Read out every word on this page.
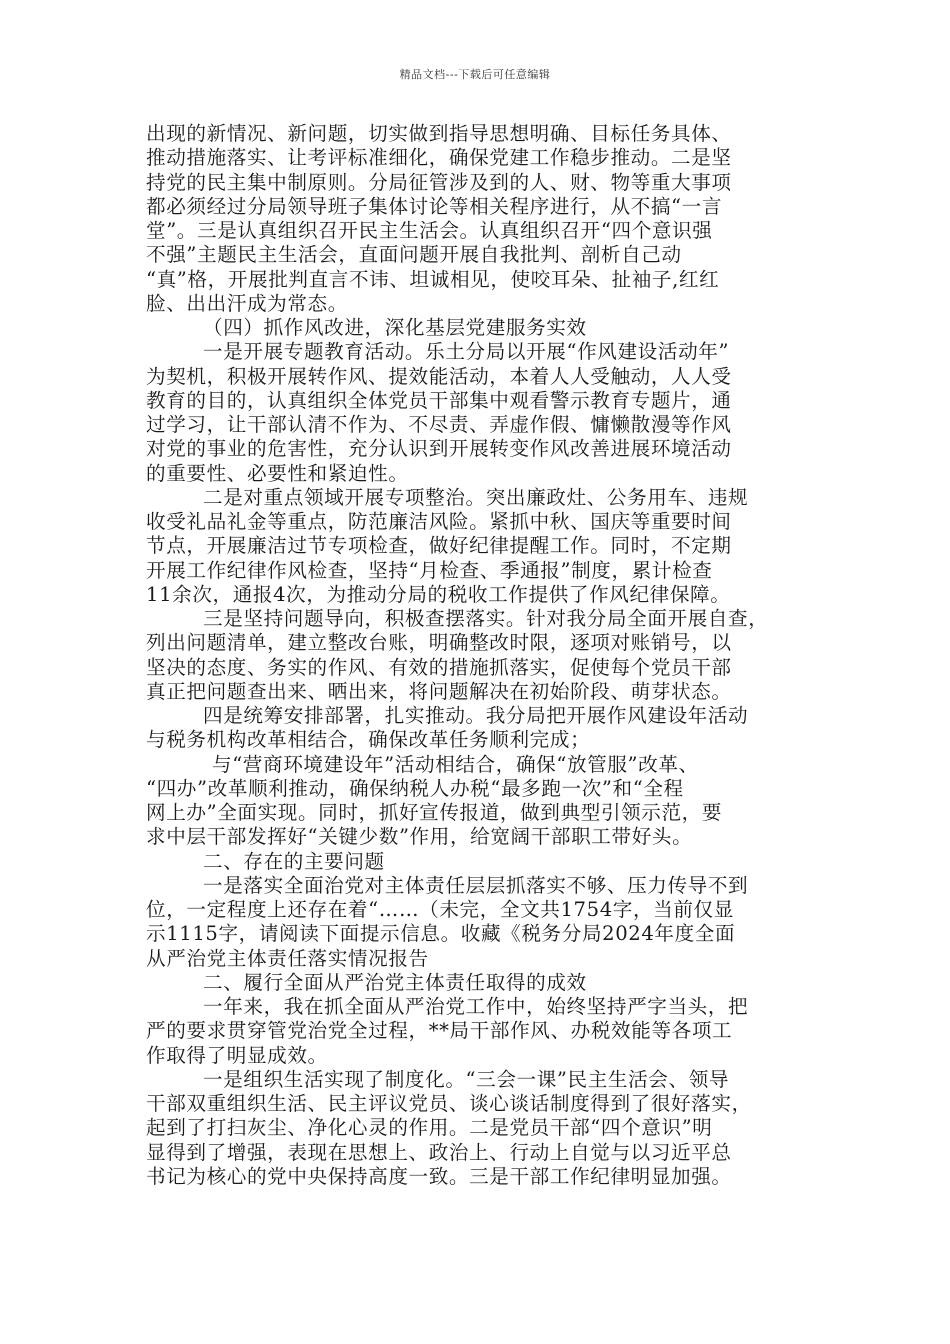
精品文档---下载后可任意编辑
出现的新情况、新问题，切实做到指导思想明确、目标任务具体、
推动措施落实、让考评标准细化，确保党建工作稳步推动。二是坚
持党的民主集中制原则。分局征管涉及到的人、财、物等重大事项
都必须经过分局领导班子集体讨论等相关程序进行，从不搞“一言
堂”。三是认真组织召开民主生活会。认真组织召开“四个意识强
不强”主题民主生活会，直面问题开展自我批判、剖析自己动
“真”格，开展批判直言不讳、坦诚相见，使咬耳朵、扯袖子,红红
脸、出出汗成为常态。
（四）抓作风改进，深化基层党建服务实效
一是开展专题教育活动。乐土分局以开展“作风建设活动年”
为契机，积极开展转作风、提效能活动，本着人人受触动，人人受
教育的目的，认真组织全体党员干部集中观看警示教育专题片，通
过学习，让干部认清不作为、不尽责、弄虚作假、慵懒散漫等作风
对党的事业的危害性，充分认识到开展转变作风改善进展环境活动
的重要性、必要性和紧迫性。
二是对重点领域开展专项整治。突出廉政灶、公务用车、违规
收受礼品礼金等重点，防范廉洁风险。紧抓中秋、国庆等重要时间
节点，开展廉洁过节专项检查，做好纪律提醒工作。同时，不定期
开展工作纪律作风检查，坚持“月检查、季通报”制度，累计检查
11余次，通报4次，为推动分局的税收工作提供了作风纪律保障。
三是坚持问题导向，积极查摆落实。针对我分局全面开展自查，
列出问题清单，建立整改台账，明确整改时限，逐项对账销号，以
坚决的态度、务实的作风、有效的措施抓落实，促使每个党员干部
真正把问题查出来、晒出来，将问题解决在初始阶段、萌芽状态。
四是统筹安排部署，扎实推动。我分局把开展作风建设年活动
与税务机构改革相结合，确保改革任务顺利完成；
与“营商环境建设年”活动相结合，确保“放管服”改革、
“四办”改革顺利推动，确保纳税人办税“最多跑一次”和“全程
网上办”全面实现。同时，抓好宣传报道，做到典型引领示范，要
求中层干部发挥好“关键少数”作用，给宽阔干部职工带好头。
二、存在的主要问题
一是落实全面治党对主体责任层层抓落实不够、压力传导不到
位，一定程度上还存在着“……（未完，全文共1754字，当前仅显
示1115字，请阅读下面提示信息。收藏《税务分局2024年度全面
从严治党主体责任落实情况报告
二、履行全面从严治党主体责任取得的成效
一年来，我在抓全面从严治党工作中，始终坚持严字当头，把
严的要求贯穿管党治党全过程，**局干部作风、办税效能等各项工
作取得了明显成效。
一是组织生活实现了制度化。“三会一课”民主生活会、领导
干部双重组织生活、民主评议党员、谈心谈话制度得到了很好落实，
起到了打扫灰尘、净化心灵的作用。二是党员干部“四个意识”明
显得到了增强，表现在思想上、政治上、行动上自觉与以习近平总
书记为核心的党中央保持高度一致。三是干部工作纪律明显加强。
